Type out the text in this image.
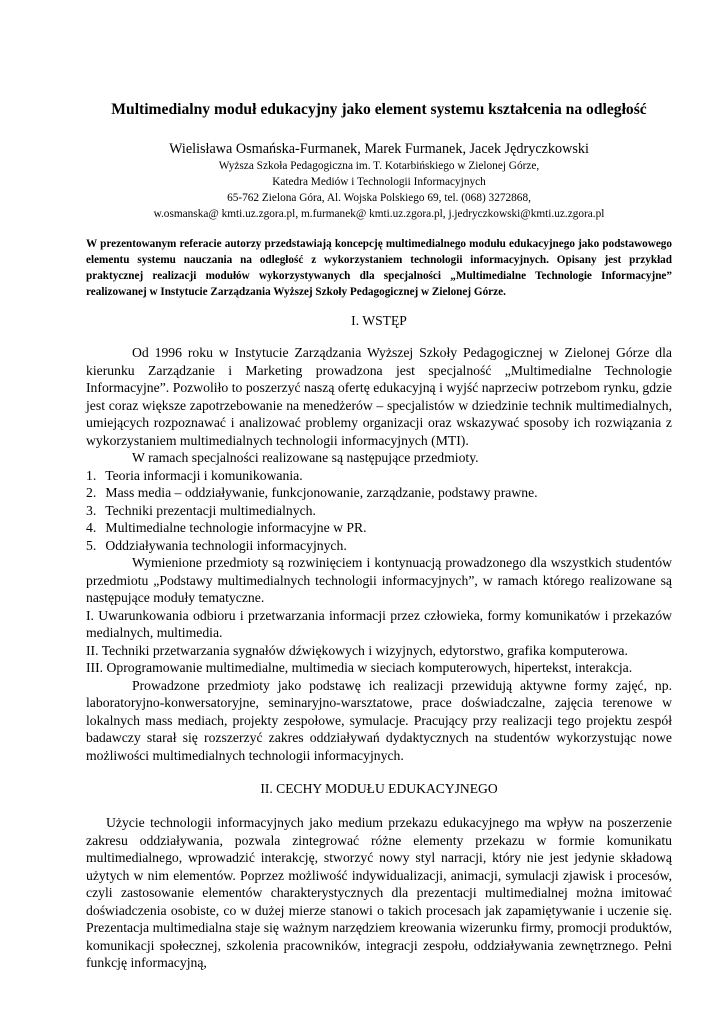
Multimedialny moduł edukacyjny jako element systemu kształcenia na odległość
Wielisława Osmańska-Furmanek, Marek Furmanek, Jacek Jędryczkowski
Wyższa Szkoła Pedagogiczna im. T. Kotarbińskiego w Zielonej Górze,
Katedra Mediów i Technologii Informacyjnych
65-762 Zielona Góra, Al. Wojska Polskiego 69, tel. (068) 3272868,
w.osmanska@ kmti.uz.zgora.pl, m.furmanek@ kmti.uz.zgora.pl, j.jedryczkowski@kmti.uz.zgora.pl

W prezentowanym referacie autorzy przedstawiają koncepcję multimedialnego modułu edukacyjnego jako podstawowego elementu systemu nauczania na odległość z wykorzystaniem technologii informacyjnych. Opisany jest przykład praktycznej realizacji modułów wykorzystywanych dla specjalności „Multimedialne Technologie Informacyjne” realizowanej w Instytucie Zarządzania Wyższej Szkoły Pedagogicznej w Zielonej Górze.

I. WSTĘP

Od 1996 roku w Instytucie Zarządzania Wyższej Szkoły Pedagogicznej w Zielonej Górze dla kierunku Zarządzanie i Marketing prowadzona jest specjalność „Multimedialne Technologie Informacyjne”. Pozwoliło to poszerzyć naszą ofertę edukacyjną i wyjść naprzeciw potrzebom rynku, gdzie jest coraz większe zapotrzebowanie na menedżerów – specjalistów w dziedzinie technik multimedialnych, umiejących rozpoznawać i analizować problemy organizacji oraz wskazywać sposoby ich rozwiązania z wykorzystaniem multimedialnych technologii informacyjnych (MTI).

W ramach specjalności realizowane są następujące przedmioty.

1. Teoria informacji i komunikowania.
2. Mass media – oddziaływanie, funkcjonowanie, zarządzanie, podstawy prawne.
3. Techniki prezentacji multimedialnych.
4. Multimedialne technologie informacyjne w PR.
5. Oddziaływania technologii informacyjnych.

Wymienione przedmioty są rozwinięciem i kontynuacją prowadzonego dla wszystkich studentów przedmiotu „Podstawy multimedialnych technologii informacyjnych”, w ramach którego realizowane są następujące moduły tematyczne.

I. Uwarunkowania odbioru i przetwarzania informacji przez człowieka, formy komunikatów i przekazów medialnych, multimedia.

II. Techniki przetwarzania sygnałów dźwiękowych i wizyjnych, edytorstwo, grafika komputerowa.

III. Oprogramowanie multimedialne, multimedia w sieciach komputerowych, hipertekst, interakcja.

Prowadzone przedmioty jako podstawę ich realizacji przewidują aktywne formy zajęć, np. laboratoryjno-konwersatoryjne, seminaryjno-warsztatowe, prace doświadczalne, zajęcia terenowe w lokalnych mass mediach, projekty zespołowe, symulacje. Pracujący przy realizacji tego projektu zespół badawczy starał się rozszerzyć zakres oddziaływań dydaktycznych na studentów wykorzystując nowe możliwości multimedialnych technologii informacyjnych.

II. CECHY MODUŁU EDUKACYJNEGO

Użycie technologii informacyjnych jako medium przekazu edukacyjnego ma wpływ na poszerzenie zakresu oddziaływania, pozwala zintegrować różne elementy przekazu w formie komunikatu multimedialnego, wprowadzić interakcję, stworzyć nowy styl narracji, który nie jest jedynie składową użytych w nim elementów. Poprzez możliwość indywidualizacji, animacji, symulacji zjawisk i procesów, czyli zastosowanie elementów charakterystycznych dla prezentacji multimedialnej można imitować doświadczenia osobiste, co w dużej mierze stanowi o takich procesach jak zapamiętywanie i uczenie się. Prezentacja multimedialna staje się ważnym narzędziem kreowania wizerunku firmy, promocji produktów, komunikacji społecznej, szkolenia pracowników, integracji zespołu, oddziaływania zewnętrznego. Pełni funkcję informacyjną,
